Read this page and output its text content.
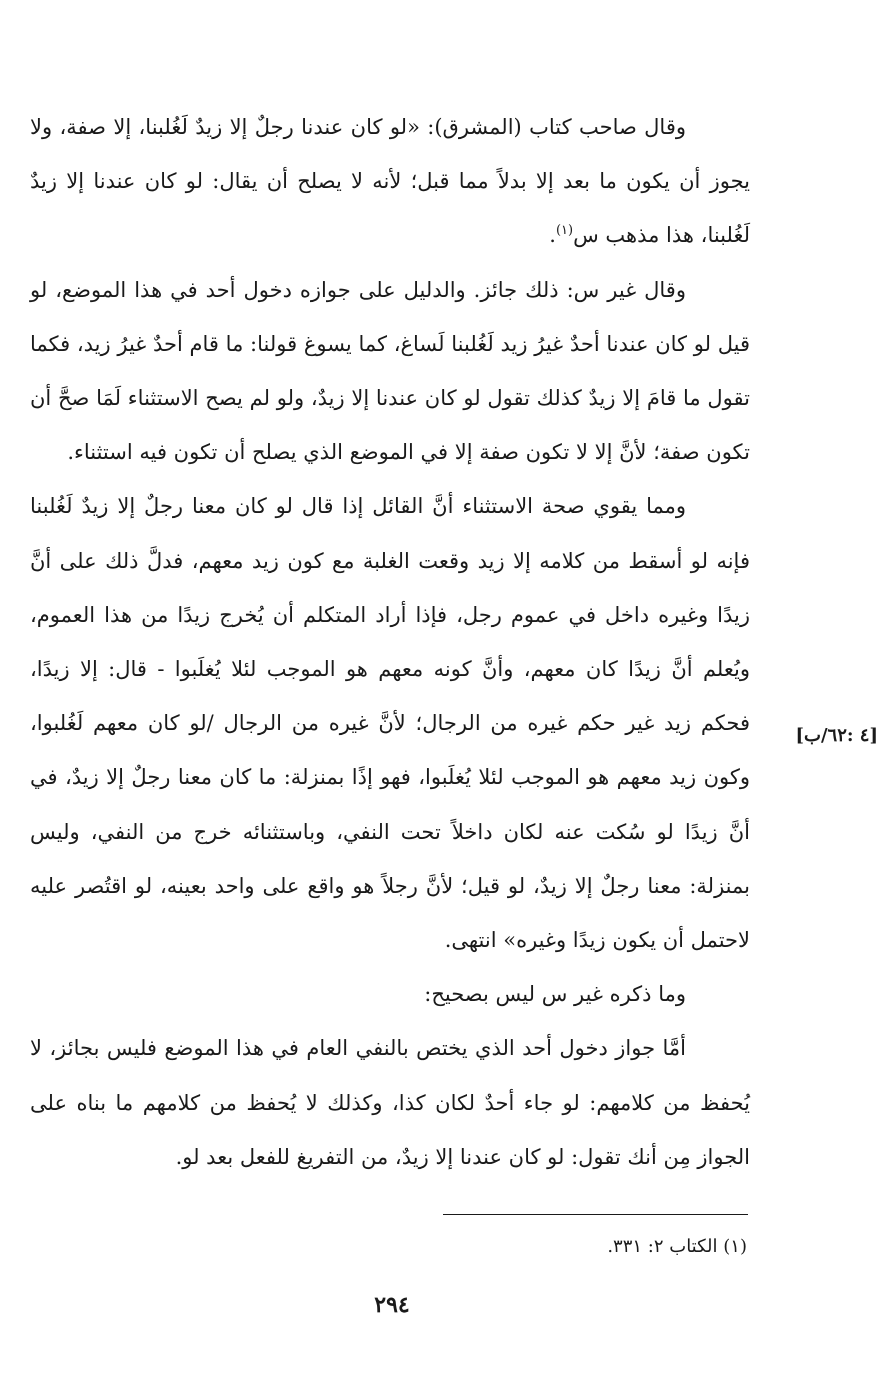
وقال صاحب كتاب (المشرق): «لو كان عندنا رجلٌ إلا زيدٌ لَغُلبنا، إلا صفة، ولا يجوز أن يكون ما بعد إلا بدلاً مما قبل؛ لأنه لا يصلح أن يقال: لو كان عندنا إلا زيدٌ لَغُلبنا، هذا مذهب س$^{(١)}$.

وقال غير س: ذلك جائز. والدليل على جوازه دخول أحد في هذا الموضع، لو قيل لو كان عندنا أحدٌ غيرُ زيد لَغُلبنا لَساغ، كما يسوغ قولنا: ما قام أحدٌ غيرُ زيد، فكما تقول ما قامَ إلا زيدٌ كذلك تقول لو كان عندنا إلا زيدٌ، ولو لم يصح الاستثناء لَمَا صحَّ أن تكون صفة؛ لأنَّ إلا لا تكون صفة إلا في الموضع الذي يصلح أن تكون فيه استثناء.

ومما يقوي صحة الاستثناء أنَّ القائل إذا قال لو كان معنا رجلٌ إلا زيدٌ لَغُلبنا فإنه لو أسقط من كلامه إلا زيد وقعت الغلبة مع كون زيد معهم، فدلَّ ذلك على أنَّ زيدًا وغيره داخل في عموم رجل، فإذا أراد المتكلم أن يُخرج زيدًا من هذا العموم، ويُعلم أنَّ زيدًا كان معهم، وأنَّ كونه معهم هو الموجب لئلا يُغلَبوا - قال: إلا زيدًا، فحكم زيد غير حكم غيره من الرجال؛ لأنَّ غيره من الرجال /لو كان معهم لَغُلبوا، وكون زيد معهم هو الموجب لئلا يُغلَبوا، فهو إذًا بمنزلة: ما كان معنا رجلٌ إلا زيدٌ، في أنَّ زيدًا لو سُكت عنه لكان داخلاً تحت النفي، وباستثنائه خرج من النفي، وليس بمنزلة: معنا رجلٌ إلا زيدٌ، لو قيل؛ لأنَّ رجلاً هو واقع على واحد بعينه، لو اقتُصر عليه لاحتمل أن يكون زيدًا وغيره» انتهى.

وما ذكره غير س ليس بصحيح:

أمَّا جواز دخول أحد الذي يختص بالنفي العام في هذا الموضع فليس بجائز، لا يُحفظ من كلامهم: لو جاء أحدٌ لكان كذا، وكذلك لا يُحفظ من كلامهم ما بناه على الجواز مِن أنك تقول: لو كان عندنا إلا زيدٌ، من التفريغ للفعل بعد لو.

[٤ :٦٢/ب]
(١) الكتاب ٢: ٣٣١.
٢٩٤
